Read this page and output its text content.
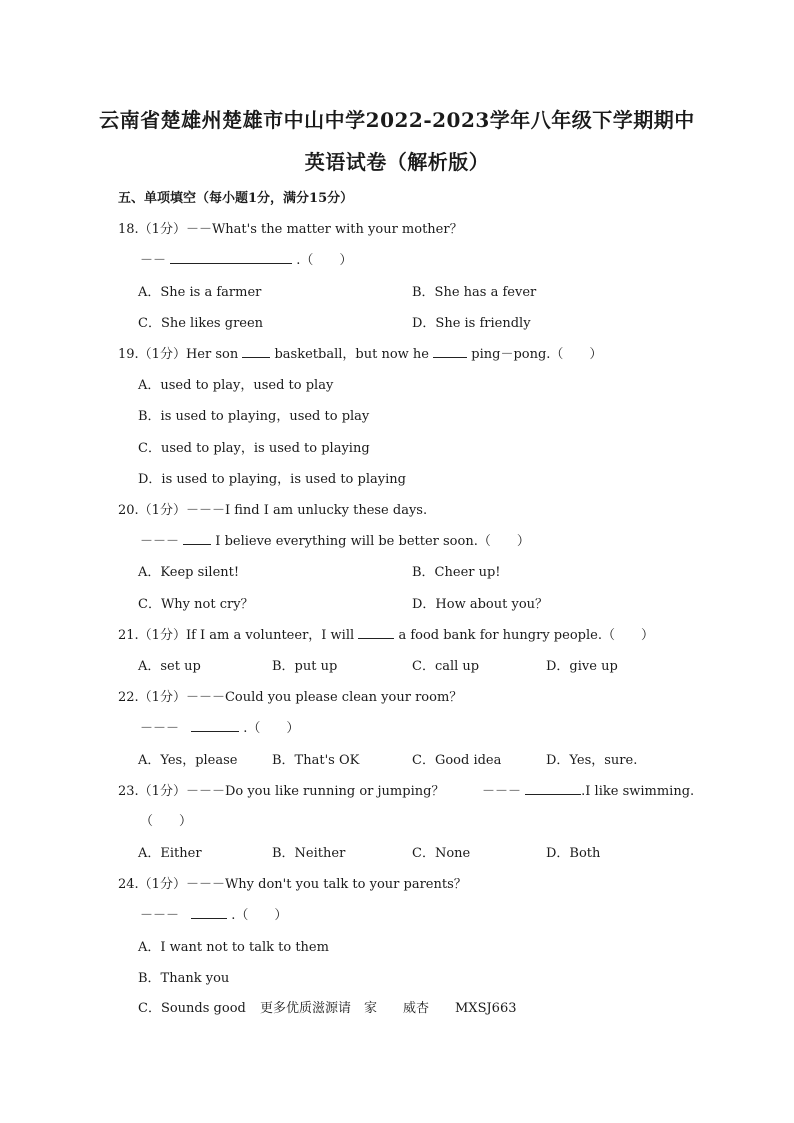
云南省楚雄州楚雄市中山中学2022-2023学年八年级下学期期中
英语试卷（解析版）
五、单项填空（每小题1分，满分15分）
18.（1分）－－What's the matter with your mother？
－－	.（　　）
A．She is a farmer	B．She has a fever
C．She likes green	D．She is friendly
19.（1分）Her son	basketball，but now he	ping－pong.（　　）
A．used to play，used to play
B．is used to playing，used to play
C．used to play，is used to playing
D．is used to playing，is used to playing
20.（1分）－－－I find I am unlucky these days.
－－－	I believe everything will be better soon.（　　）
A．Keep silent!	B．Cheer up!
C．Why not cry？	D．How about you？
21.（1分）If I am a volunteer，I will	a food bank for hungry people.（　　）
A．set up	B．put up	C．call up	D．give up
22.（1分）－－－Could you please clean your room？
－－－	.（　　）
A．Yes，please	B．That's OK	C．Good idea	D．Yes，sure.
23.（1分）－－－Do you like running or jumping？	－－－	.I like swimming.
（　　）
A．Either	B．Neither	C．None	D．Both
24.（1分）－－－Why don't you talk to your parents？
－－－	.（　　）
A．I want not to talk to them
B．Thank you
C．Sounds good 更多优质滋源请　家　　威杏　　MXSJ663
